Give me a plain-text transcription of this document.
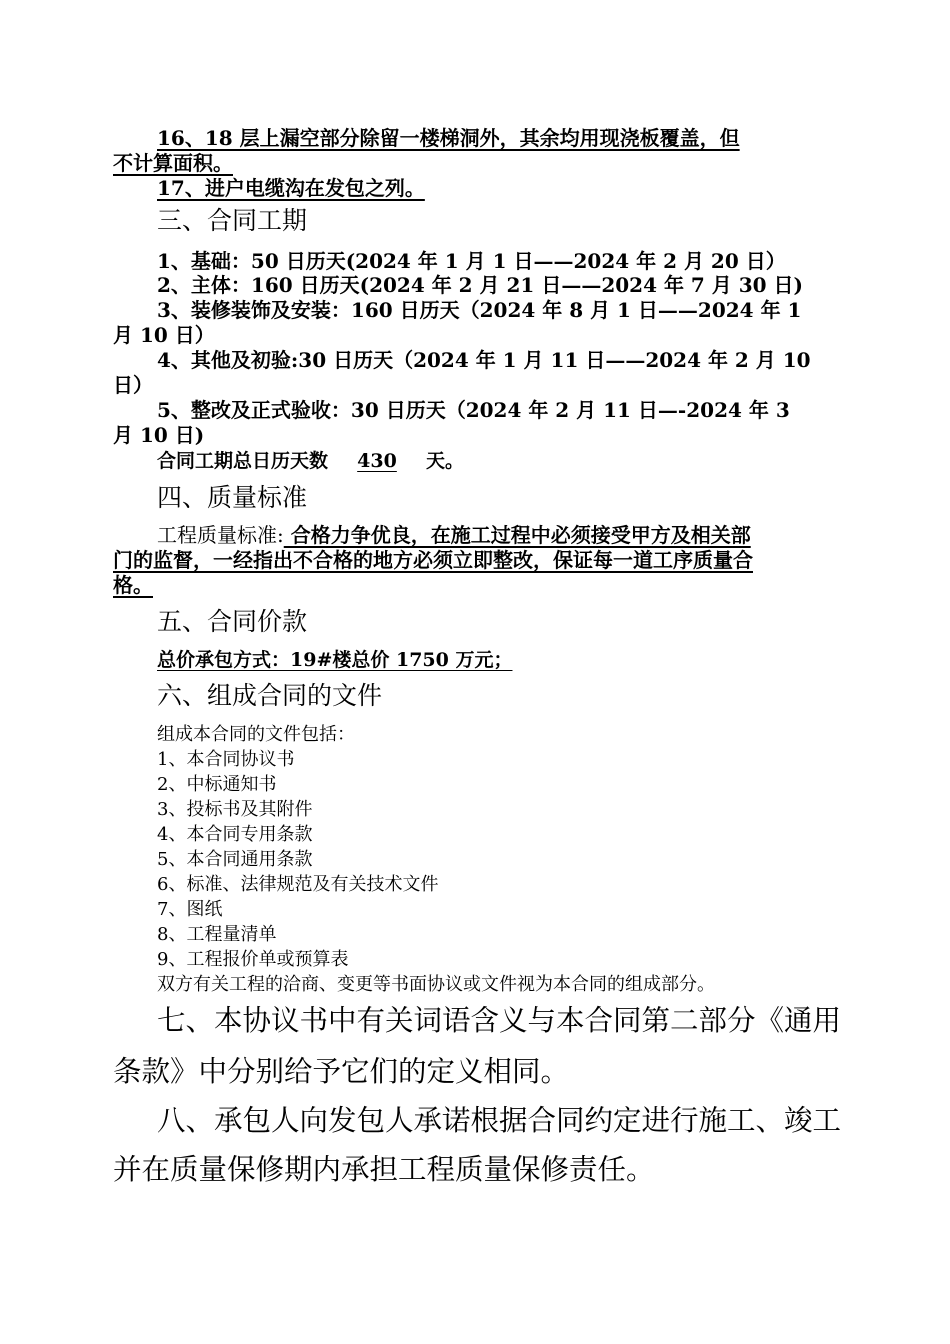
16、18 层上漏空部分除留一楼梯洞外，其余均用现浇板覆盖，但
不计算面积。
17、进户电缆沟在发包之列。
三、合同工期
1、基础：50 日历天(2024 年 1 月 1 日——2024 年 2 月 20 日）
2、主体：160 日历天(2024 年 2 月 21 日——2024 年 7 月 30 日)
3、装修装饰及安装：160 日历天（2024 年 8 月 1 日——2024 年 1
月 10 日）
4、其他及初验:30 日历天（2024 年 1 月 11 日——2024 年 2 月 10
日）
5、整改及正式验收：30 日历天（2024 年 2 月 11 日—-2024 年 3
月 10 日)
合同工期总日历天数 430 天。
四、质量标准
工程质量标准: 合格力争优良，在施工过程中必须接受甲方及相关部
门的监督，一经指出不合格的地方必须立即整改，保证每一道工序质量合
格。
五、合同价款
总价承包方式：19#楼总价 1750 万元；
六、组成合同的文件
组成本合同的文件包括：
1、本合同协议书
2、中标通知书
3、投标书及其附件
4、本合同专用条款
5、本合同通用条款
6、标准、法律规范及有关技术文件
7、图纸
8、工程量清单
9、工程报价单或预算表
双方有关工程的洽商、变更等书面协议或文件视为本合同的组成部分。
七、本协议书中有关词语含义与本合同第二部分《通用
条款》中分别给予它们的定义相同。
八、承包人向发包人承诺根据合同约定进行施工、竣工
并在质量保修期内承担工程质量保修责任。
